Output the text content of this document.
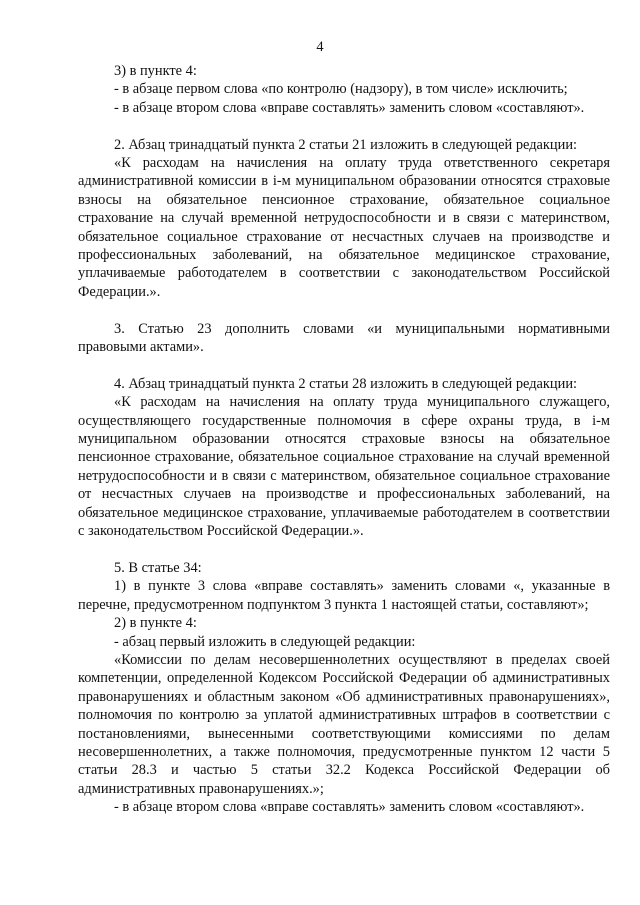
4

3) в пункте 4:

- в абзаце первом слова «по контролю (надзору), в том числе» исключить;

- в абзаце втором слова «вправе составлять» заменить словом «составляют».

2. Абзац тринадцатый пункта 2 статьи 21 изложить в следующей редакции:

«К расходам на начисления на оплату труда ответственного секретаря административной комиссии в i-м муниципальном образовании относятся страховые взносы на обязательное пенсионное страхование, обязательное социальное страхование на случай временной нетрудоспособности и в связи с материнством, обязательное социальное страхование от несчастных случаев на производстве и профессиональных заболеваний, на обязательное медицинское страхование, уплачиваемые работодателем в соответствии с законодательством Российской Федерации.».

3. Статью 23 дополнить словами «и муниципальными нормативными правовыми актами».

4. Абзац тринадцатый пункта 2 статьи 28 изложить в следующей редакции:

«К расходам на начисления на оплату труда муниципального служащего, осуществляющего государственные полномочия в сфере охраны труда, в i-м муниципальном образовании относятся страховые взносы на обязательное пенсионное страхование, обязательное социальное страхование на случай временной нетрудоспособности и в связи с материнством, обязательное социальное страхование от несчастных случаев на производстве и профессиональных заболеваний, на обязательное медицинское страхование, уплачиваемые работодателем в соответствии с законодательством Российской Федерации.».

5. В статье 34:

1) в пункте 3 слова «вправе составлять» заменить словами «, указанные в перечне, предусмотренном подпунктом 3 пункта 1 настоящей статьи, составляют»;

2) в пункте 4:

- абзац первый изложить в следующей редакции:

«Комиссии по делам несовершеннолетних осуществляют в пределах своей компетенции, определенной Кодексом Российской Федерации об административных правонарушениях и областным законом «Об административных правонарушениях», полномочия по контролю за уплатой административных штрафов в соответствии с постановлениями, вынесенными соответствующими комиссиями по делам несовершеннолетних, а также полномочия, предусмотренные пунктом 12 части 5 статьи 28.3 и частью 5 статьи 32.2 Кодекса Российской Федерации об административных правонарушениях.»;

- в абзаце втором слова «вправе составлять» заменить словом «составляют».
